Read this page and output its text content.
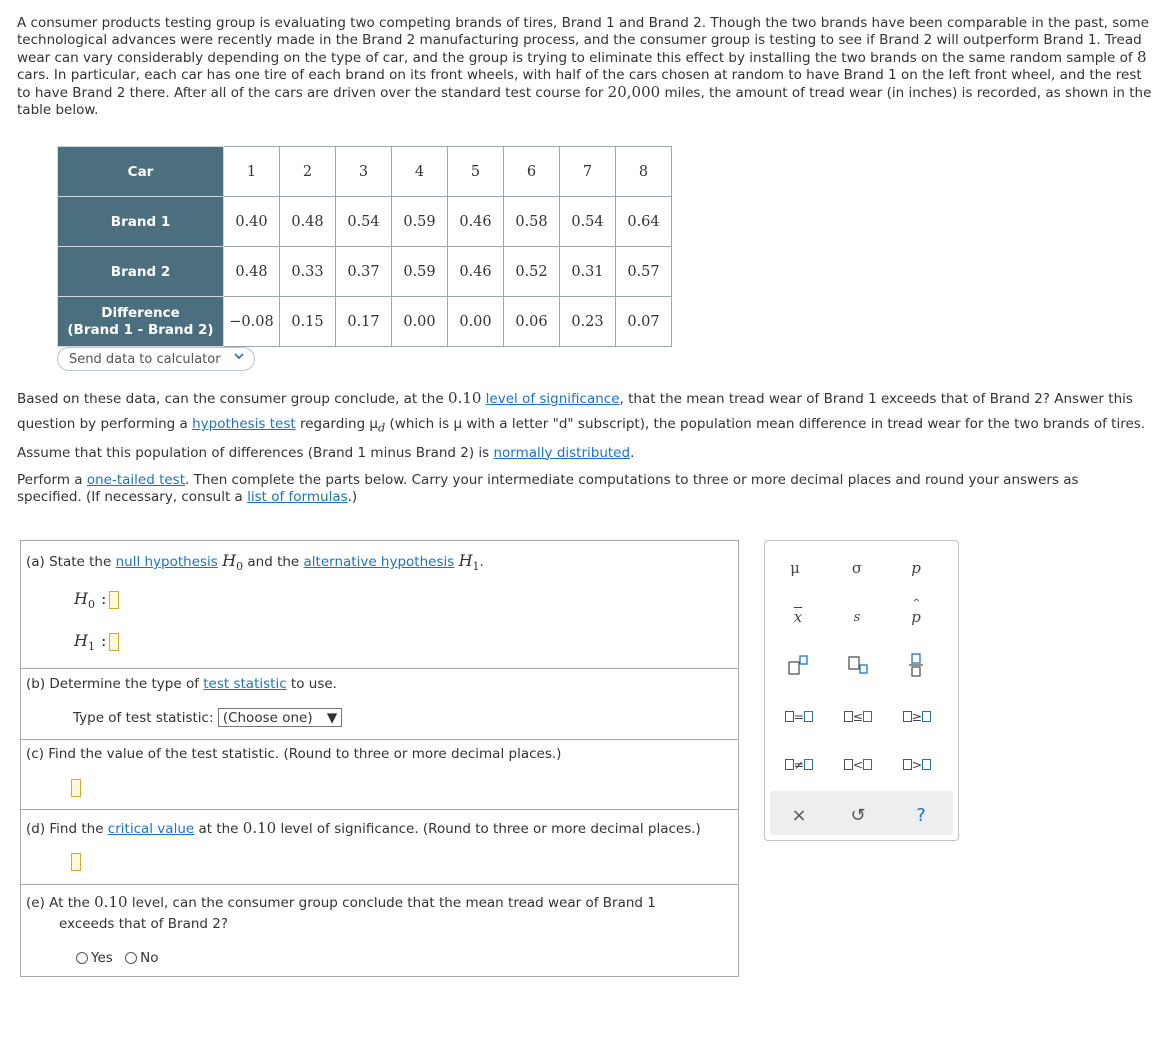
A consumer products testing group is evaluating two competing brands of tires, Brand 1 and Brand 2. Though the two brands have been comparable in the past, some technological advances were recently made in the Brand 2 manufacturing process, and the consumer group is testing to see if Brand 2 will outperform Brand 1. Tread wear can vary considerably depending on the type of car, and the group is trying to eliminate this effect by installing the two brands on the same random sample of 8 cars. In particular, each car has one tire of each brand on its front wheels, with half of the cars chosen at random to have Brand 1 on the left front wheel, and the rest to have Brand 2 there. After all of the cars are driven over the standard test course for 20,000 miles, the amount of tread wear (in inches) is recorded, as shown in the table below.

Car	1	2	3	4	5	6	7	8
Brand 1	0.40	0.48	0.54	0.59	0.46	0.58	0.54	0.64
Brand 2	0.48	0.33	0.37	0.59	0.46	0.52	0.31	0.57
Difference
(Brand 1 - Brand 2)	−0.08	0.15	0.17	0.00	0.00	0.06	0.23	0.07
Send data to calculator

Based on these data, can the consumer group conclude, at the 0.10 level of significance, that the mean tread wear of Brand 1 exceeds that of Brand 2? Answer this question by performing a hypothesis test regarding $\mu_d$ (which is μ with a letter "d" subscript), the population mean difference in tread wear for the two brands of tires. Assume that this population of differences (Brand 1 minus Brand 2) is normally distributed.

Perform a one-tailed test. Then complete the parts below. Carry your intermediate computations to three or more decimal places and round your answers as specified. (If necessary, consult a list of formulas.)

(a) State the null hypothesis $H_0$ and the alternative hypothesis $H_1$.
$H_0$ :
$H_1$ :
(b) Determine the type of test statistic to use.
Type of test statistic: (Choose one) ▼
(c) Find the value of the test statistic. (Round to three or more decimal places.)
(d) Find the critical value at the 0.10 level of significance. (Round to three or more decimal places.)
(e) At the 0.10 level, can the consumer group conclude that the mean tread wear of Brand 1
exceeds that of Brand 2?
Yes No
μ	σ	p
$\overline{x}$	s
^
p
=	≤	≥
≠	<	>
× ↺	?
